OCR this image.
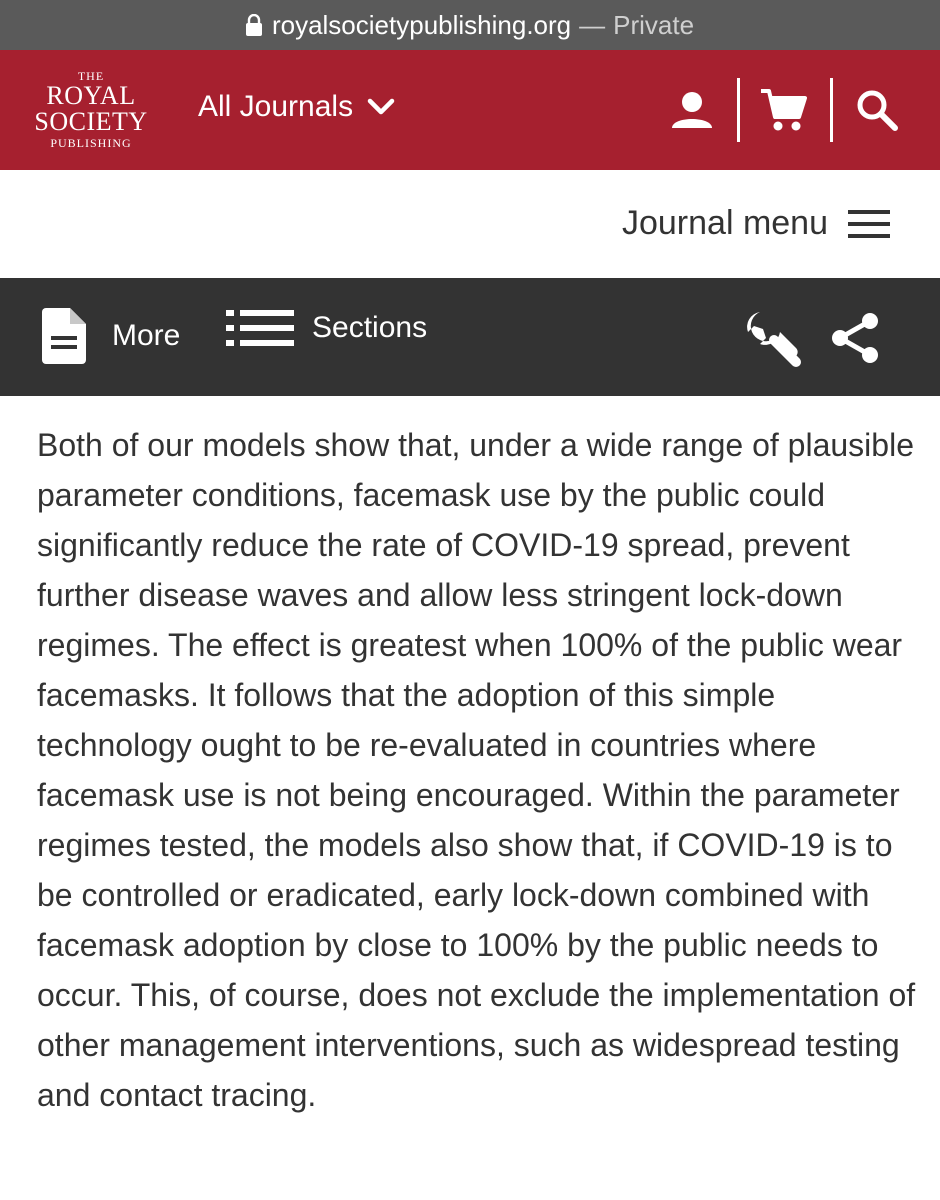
royalsocietypublishing.org — Private
THE
ROYAL
SOCIETY
PUBLISHING
All Journals
Journal menu
More	Sections

Both of our models show that, under a wide range of plausible parameter conditions, facemask use by the public could significantly reduce the rate of COVID-19 spread, prevent further disease waves and allow less stringent lock-down regimes. The effect is greatest when 100% of the public wear facemasks. It follows that the adoption of this simple technology ought to be re-evaluated in countries where facemask use is not being encouraged. Within the parameter regimes tested, the models also show that, if COVID-19 is to be controlled or eradicated, early lock-down combined with facemask adoption by close to 100% by the public needs to occur. This, of course, does not exclude the implementation of other management interventions, such as widespread testing and contact tracing.
